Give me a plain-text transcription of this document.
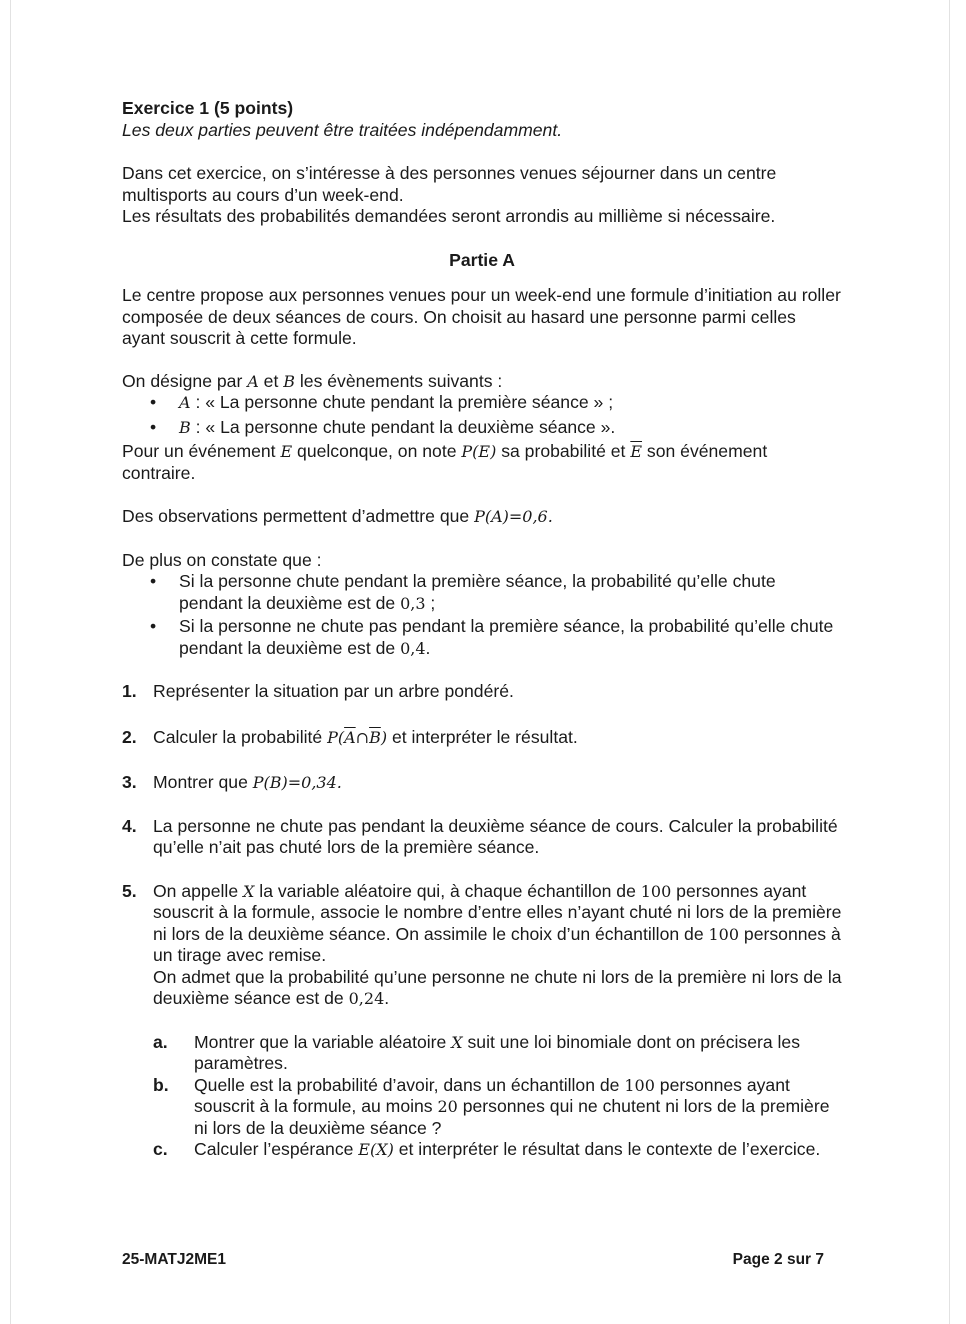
Exercice 1 (5 points)

Les deux parties peuvent être traitées indépendamment.

Dans cet exercice, on s’intéresse à des personnes venues séjourner dans un centre multisports au cours d’un week-end.

Les résultats des probabilités demandées seront arrondis au millième si nécessaire.

Partie A

Le centre propose aux personnes venues pour un week-end une formule d’initiation au roller composée de deux séances de cours. On choisit au hasard une personne parmi celles ayant souscrit à cette formule.

On désigne par A et B les évènements suivants :

• A : « La personne chute pendant la première séance » ;

• B : « La personne chute pendant la deuxième séance ».

Pour un événement E quelconque, on note P(E) sa probabilité et $\overline{E}$ son événement contraire.

Des observations permettent d’admettre que P(A)=0,6.

De plus on constate que :

• Si la personne chute pendant la première séance, la probabilité qu’elle chute pendant la deuxième est de 0,3 ;

• Si la personne ne chute pas pendant la première séance, la probabilité qu’elle chute pendant la deuxième est de 0,4.

1. Représenter la situation par un arbre pondéré.

2. Calculer la probabilité $P(\overline{A}\cap\overline{B})$ et interpréter le résultat.

3. Montrer que P(B)=0,34.

4. La personne ne chute pas pendant la deuxième séance de cours. Calculer la probabilité qu’elle n’ait pas chuté lors de la première séance.

5. On appelle X la variable aléatoire qui, à chaque échantillon de 100 personnes ayant souscrit à la formule, associe le nombre d’entre elles n’ayant chuté ni lors de la première ni lors de la deuxième séance. On assimile le choix d’un échantillon de 100 personnes à un tirage avec remise.

On admet que la probabilité qu’une personne ne chute ni lors de la première ni lors de la deuxième séance est de 0,24.

a. Montrer que la variable aléatoire X suit une loi binomiale dont on précisera les paramètres.

b. Quelle est la probabilité d’avoir, dans un échantillon de 100 personnes ayant souscrit à la formule, au moins 20 personnes qui ne chutent ni lors de la première ni lors de la deuxième séance ?

c. Calculer l’espérance E(X) et interpréter le résultat dans le contexte de l’exercice.

25-MATJ2ME1	Page 2 sur 7
